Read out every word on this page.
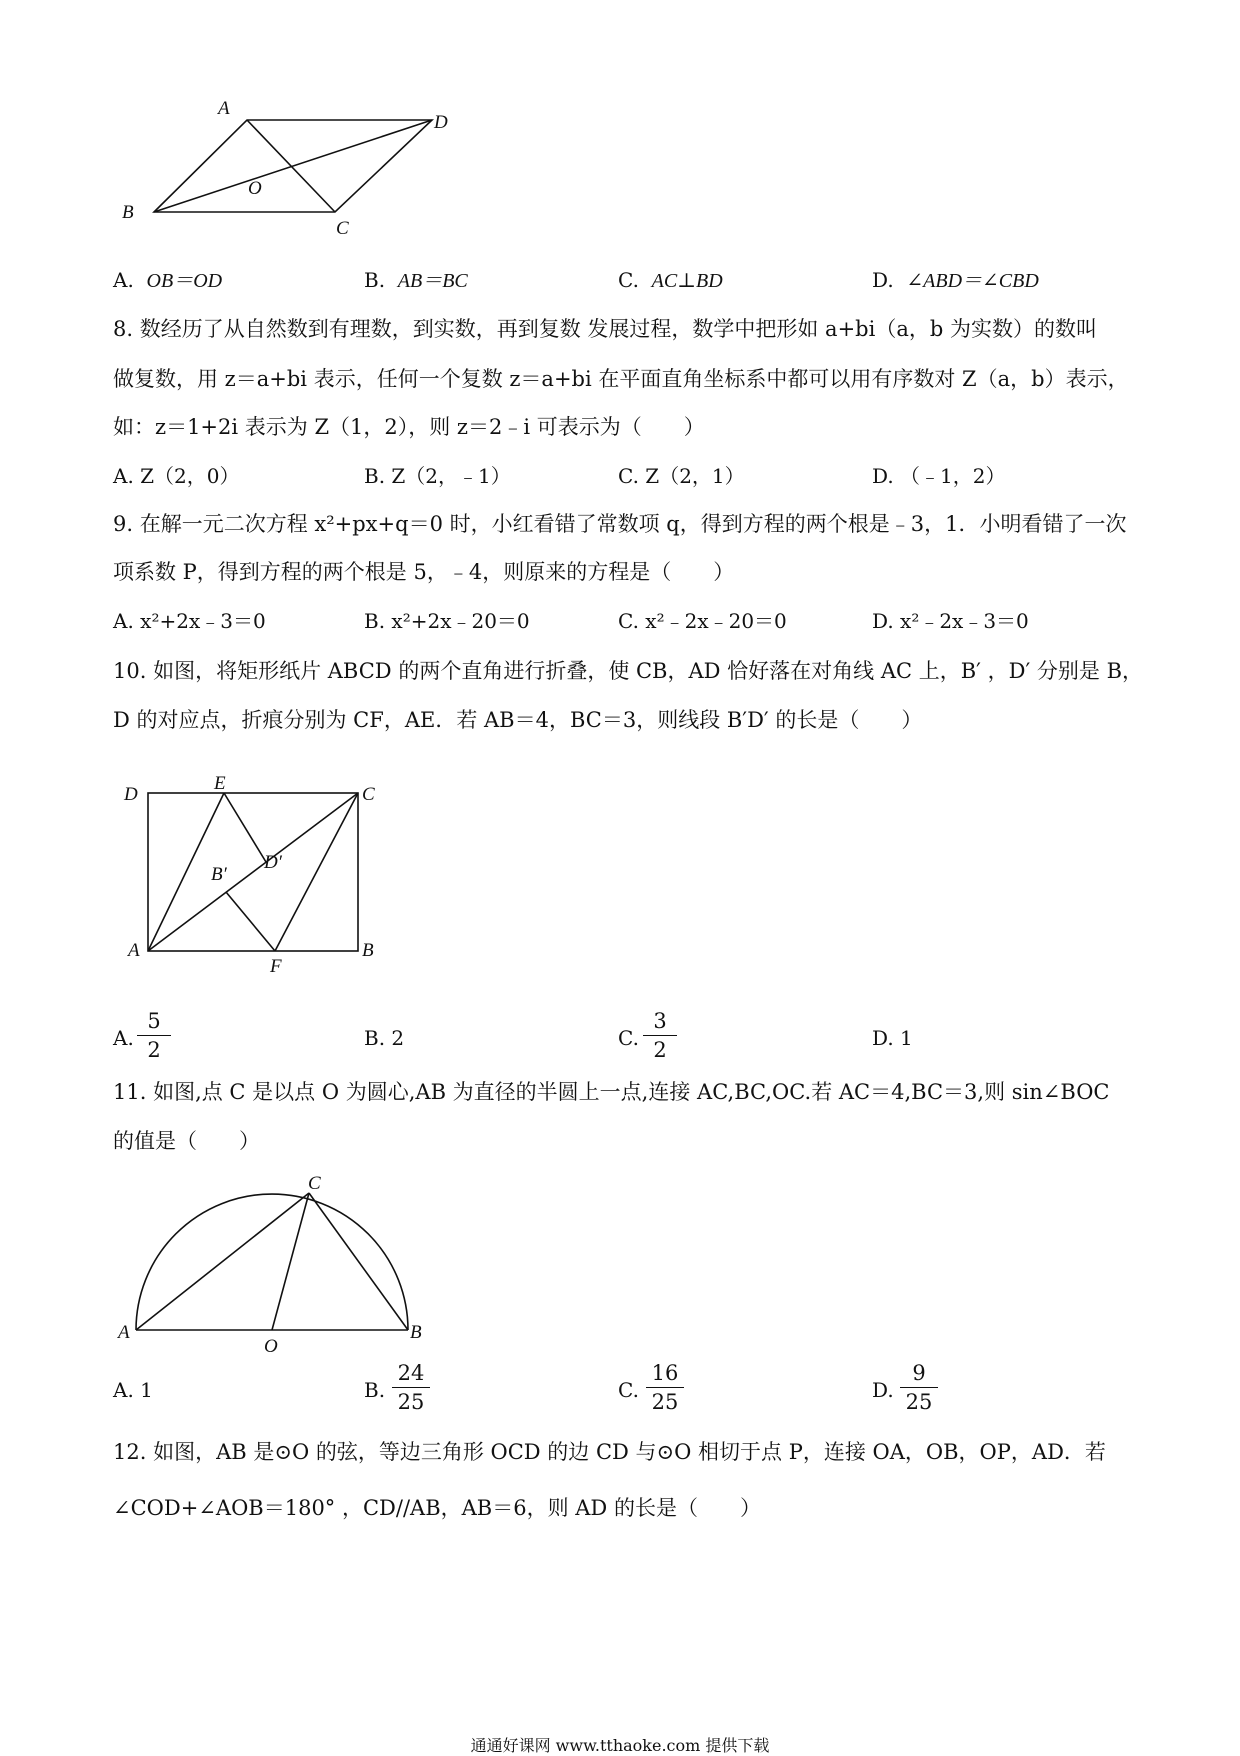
A
D
O
B
C
A. OB＝OD	B. AB＝BC	C. AC⊥BD	D. ∠ABD＝∠CBD
8. 数经历了从自然数到有理数，到实数，再到复数 发展过程，数学中把形如 a+bi（a，b 为实数）的数叫
做复数，用 z＝a+bi 表示，任何一个复数 z＝a+bi 在平面直角坐标系中都可以用有序数对 Z（a，b）表示，
如：z＝1+2i 表示为 Z（1，2），则 z＝2﹣i 可表示为（　　）
A. Z（2，0）	B. Z（2，﹣1）	C. Z（2，1）	D. （﹣1，2）
9. 在解一元二次方程 x²+px+q＝0 时，小红看错了常数项 q，得到方程的两个根是﹣3，1．小明看错了一次
项系数 P，得到方程的两个根是 5，﹣4，则原来的方程是（　　）
A. x²+2x﹣3＝0	B. x²+2x﹣20＝0	C. x²﹣2x﹣20＝0	D. x²﹣2x﹣3＝0
10. 如图，将矩形纸片 ABCD 的两个直角进行折叠，使 CB，AD 恰好落在对角线 AC 上，B′ ，D′ 分别是 B，
D 的对应点，折痕分别为 CF，AE．若 AB＝4，BC＝3，则线段 B′D′ 的长是（　　）
D
E
C
B′
D′
A
F
B
A. $\frac{5}{2}$	B. 2	C. $\frac{3}{2}$	D. 1
11. 如图,点 C 是以点 O 为圆心,AB 为直径的半圆上一点,连接 AC,BC,OC.若 AC＝4,BC＝3,则 sin∠BOC
的值是（　　）
C
A
O
B
A. 1	B. $\frac{24}{25}$	C. $\frac{16}{25}$	D. $\frac{9}{25}$
12. 如图，AB 是⊙O 的弦，等边三角形 OCD 的边 CD 与⊙O 相切于点 P，连接 OA，OB，OP，AD．若
∠COD+∠AOB＝180° ，CD//AB，AB＝6，则 AD 的长是（　　）
通通好课网 www.tthaoke.com 提供下载
